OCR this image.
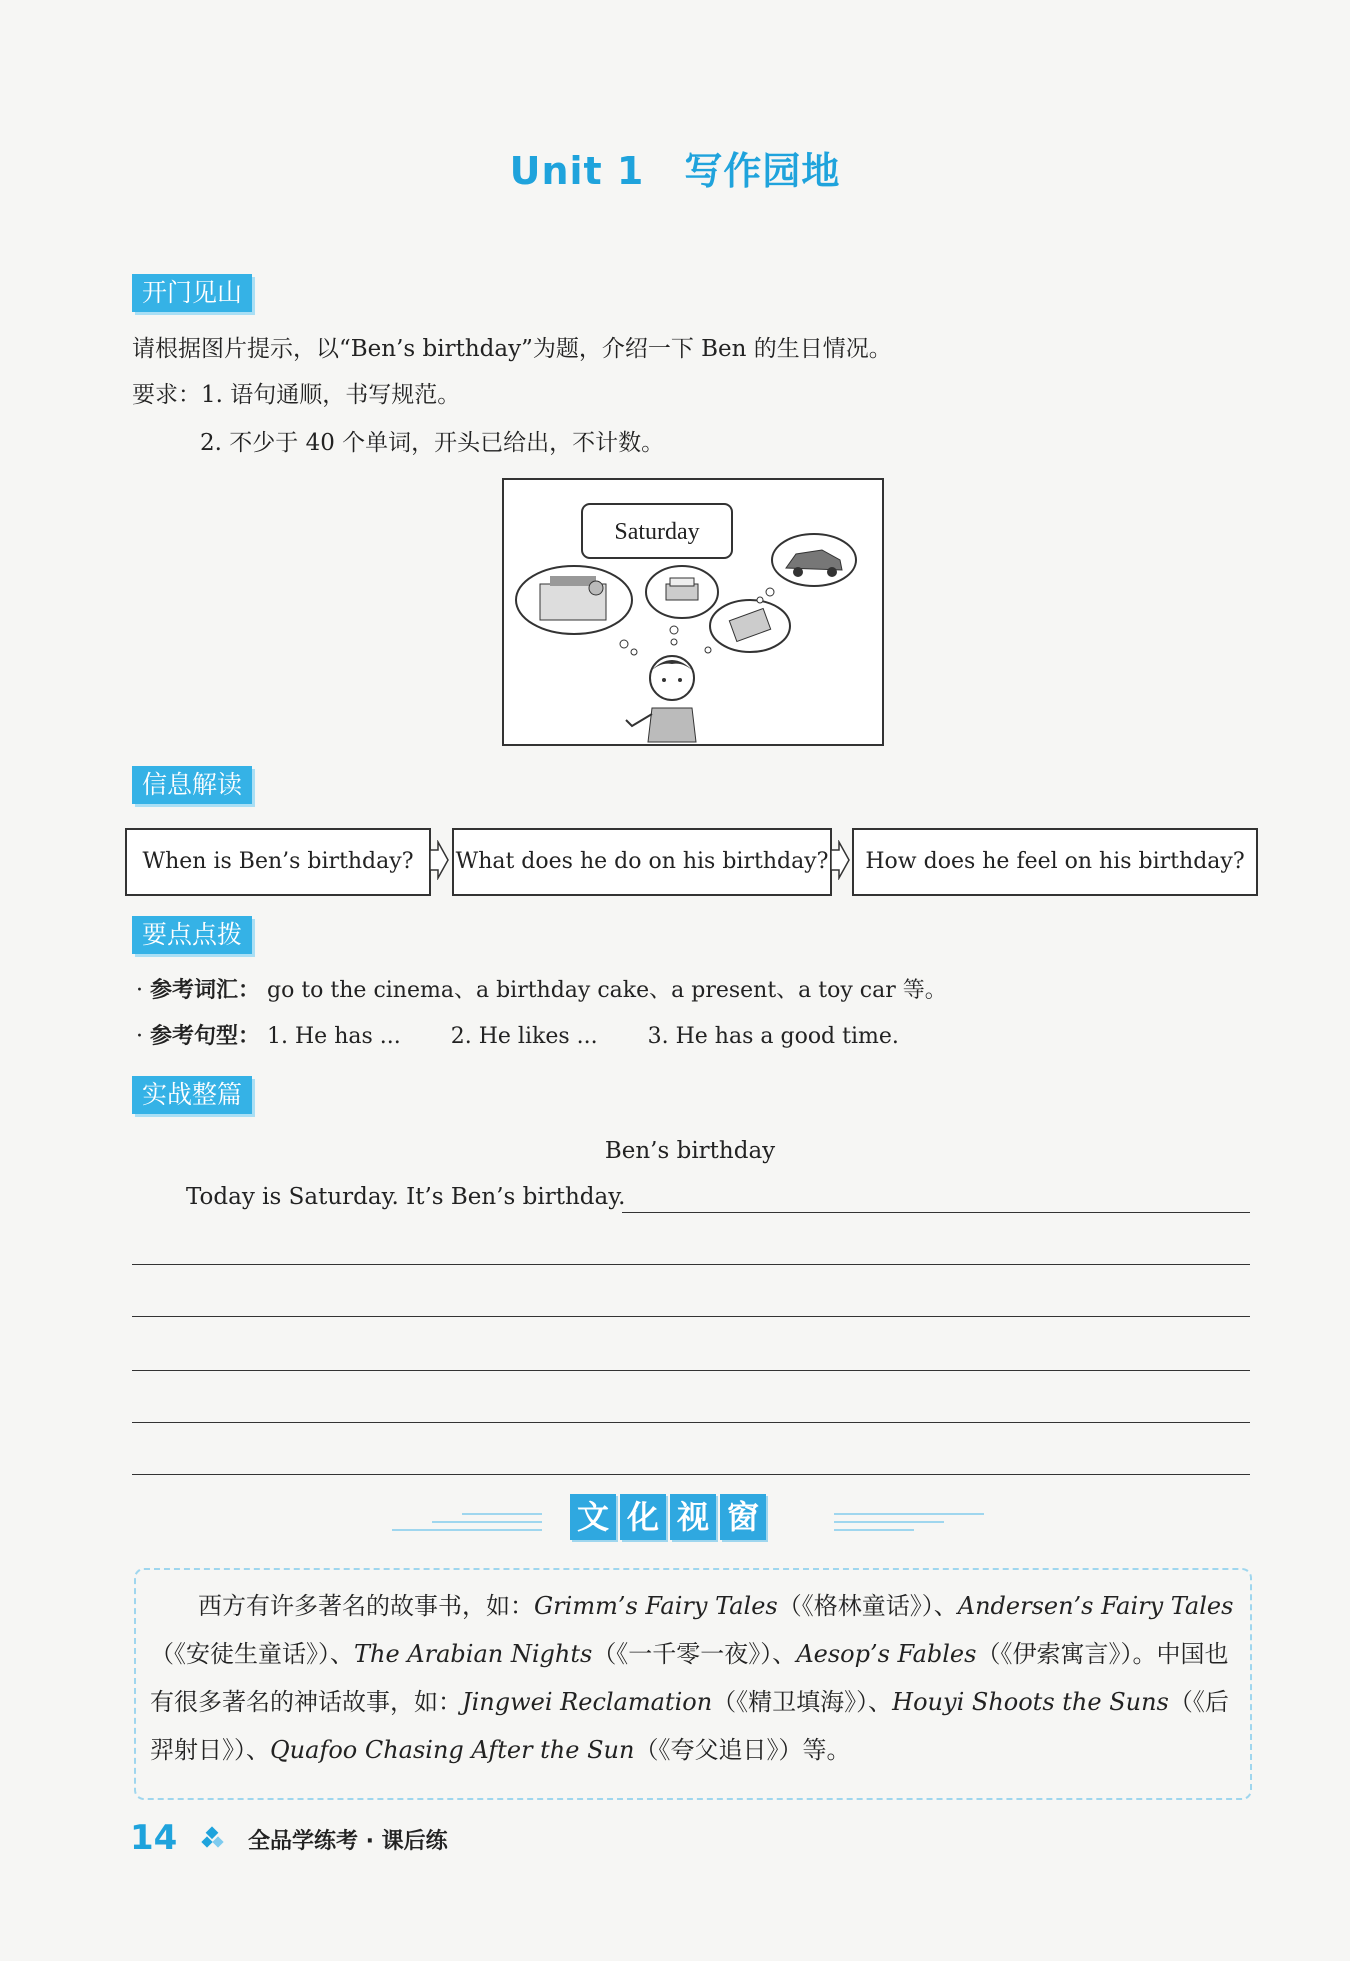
Unit 1 写作园地
开门见山
请根据图片提示，以“Ben’s birthday”为题，介绍一下 Ben 的生日情况。
要求：1. 语句通顺，书写规范。
2. 不少于 40 个单词，开头已给出，不计数。
Saturday
信息解读
When is Ben’s birthday?	What does he do on his birthday?	How does he feel on his birthday?
要点点拨
· 参考词汇： go to the cinema、a birthday cake、a present、a toy car 等。
· 参考句型： 1. He has ... 2. He likes ... 3. He has a good time.
实战整篇
Ben’s birthday
Today is Saturday. It’s Ben’s birthday.
文 化 视 窗

西方有许多著名的故事书，如：Grimm’s Fairy Tales（《格林童话》）、Andersen’s Fairy Tales

（《安徒生童话》）、The Arabian Nights（《一千零一夜》）、Aesop’s Fables（《伊索寓言》）。中国也

有很多著名的神话故事，如：Jingwei Reclamation（《精卫填海》）、Houyi Shoots the Suns（《后

羿射日》）、Quafoo Chasing After the Sun（《夸父追日》）等。

14	全品学练考 · 课后练
